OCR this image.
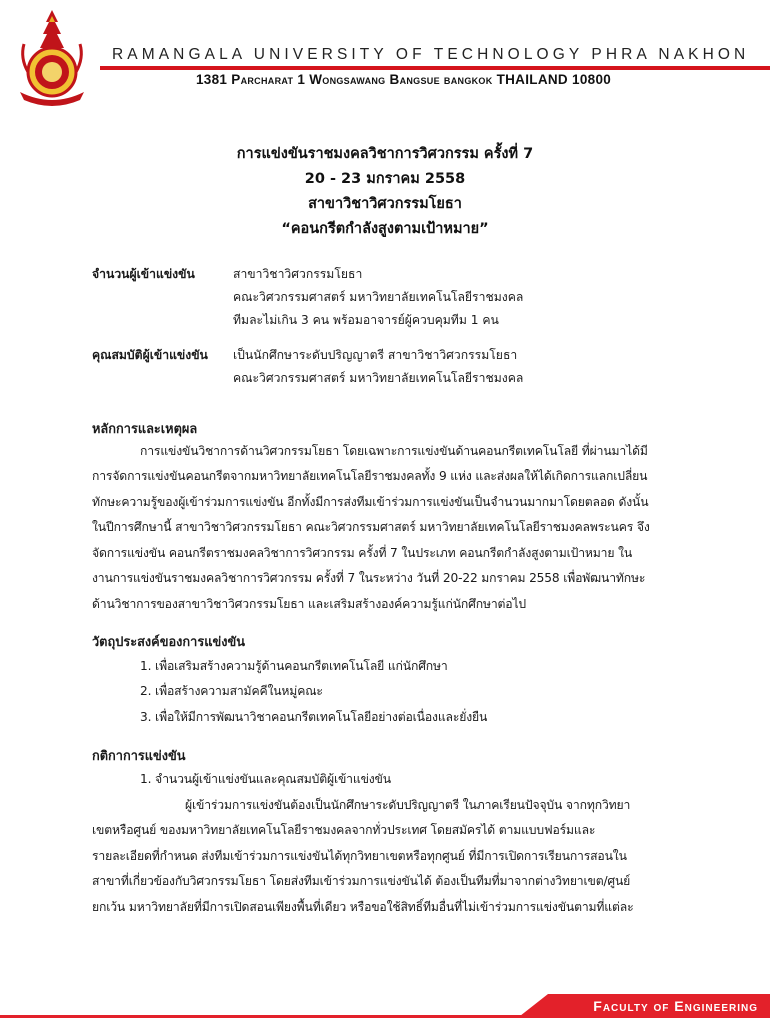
RAMANGALA UNIVERSITY OF TECHNOLOGY PHRA NAKHON
1381 Parcharat 1 Wongsawang Bangsue bangkok THAILAND 10800
การแข่งขันราชมงคลวิชาการวิศวกรรม ครั้งที่ 7
20 - 23 มกราคม 2558
สาขาวิชาวิศวกรรมโยธา
“คอนกรีตกำลังสูงตามเป้าหมาย”
จำนวนผู้เข้าแข่งขัน	สาขาวิชาวิศวกรรมโยธา
คณะวิศวกรรมศาสตร์ มหาวิทยาลัยเทคโนโลยีราชมงคล
ทีมละไม่เกิน 3 คน พร้อมอาจารย์ผู้ควบคุมทีม 1 คน
คุณสมบัติผู้เข้าแข่งขัน	เป็นนักศึกษาระดับปริญญาตรี สาขาวิชาวิศวกรรมโยธา
คณะวิศวกรรมศาสตร์ มหาวิทยาลัยเทคโนโลยีราชมงคล
หลักการและเหตุผล
การแข่งขันวิชาการด้านวิศวกรรมโยธา โดยเฉพาะการแข่งขันด้านคอนกรีตเทคโนโลยี ที่ผ่านมาได้มี
การจัดการแข่งขันคอนกรีตจากมหาวิทยาลัยเทคโนโลยีราชมงคลทั้ง 9 แห่ง และส่งผลให้ได้เกิดการแลกเปลี่ยน
ทักษะความรู้ของผู้เข้าร่วมการแข่งขัน อีกทั้งมีการส่งทีมเข้าร่วมการแข่งขันเป็นจำนวนมากมาโดยตลอด ดังนั้น
ในปีการศึกษานี้ สาขาวิชาวิศวกรรมโยธา คณะวิศวกรรมศาสตร์ มหาวิทยาลัยเทคโนโลยีราชมงคลพระนคร จึง
จัดการแข่งขัน คอนกรีตราชมงคลวิชาการวิศวกรรม ครั้งที่ 7 ในประเภท คอนกรีตกำลังสูงตามเป้าหมาย ใน
งานการแข่งขันราชมงคลวิชาการวิศวกรรม ครั้งที่ 7 ในระหว่าง วันที่ 20-22 มกราคม 2558 เพื่อพัฒนาทักษะ
ด้านวิชาการของสาขาวิชาวิศวกรรมโยธา และเสริมสร้างองค์ความรู้แก่นักศึกษาต่อไป
วัตถุประสงค์ของการแข่งขัน
1. เพื่อเสริมสร้างความรู้ด้านคอนกรีตเทคโนโลยี แก่นักศึกษา
2. เพื่อสร้างความสามัคคีในหมู่คณะ
3. เพื่อให้มีการพัฒนาวิชาคอนกรีตเทคโนโลยีอย่างต่อเนื่องและยั่งยืน
กติกาการแข่งขัน
1. จำนวนผู้เข้าแข่งขันและคุณสมบัติผู้เข้าแข่งขัน
ผู้เข้าร่วมการแข่งขันต้องเป็นนักศึกษาระดับปริญญาตรี ในภาคเรียนปัจจุบัน จากทุกวิทยา
เขตหรือศูนย์ ของมหาวิทยาลัยเทคโนโลยีราชมงคลจากทั่วประเทศ โดยสมัครได้ ตามแบบฟอร์มและ
รายละเอียดที่กำหนด ส่งทีมเข้าร่วมการแข่งขันได้ทุกวิทยาเขตหรือทุกศูนย์ ที่มีการเปิดการเรียนการสอนใน
สาขาที่เกี่ยวข้องกับวิศวกรรมโยธา โดยส่งทีมเข้าร่วมการแข่งขันได้ ต้องเป็นทีมที่มาจากต่างวิทยาเขต/ศูนย์
ยกเว้น มหาวิทยาลัยที่มีการเปิดสอนเพียงพื้นที่เดียว หรือขอใช้สิทธิ์ทีมอื่นที่ไม่เข้าร่วมการแข่งขันตามที่แต่ละ
Faculty of Engineering
